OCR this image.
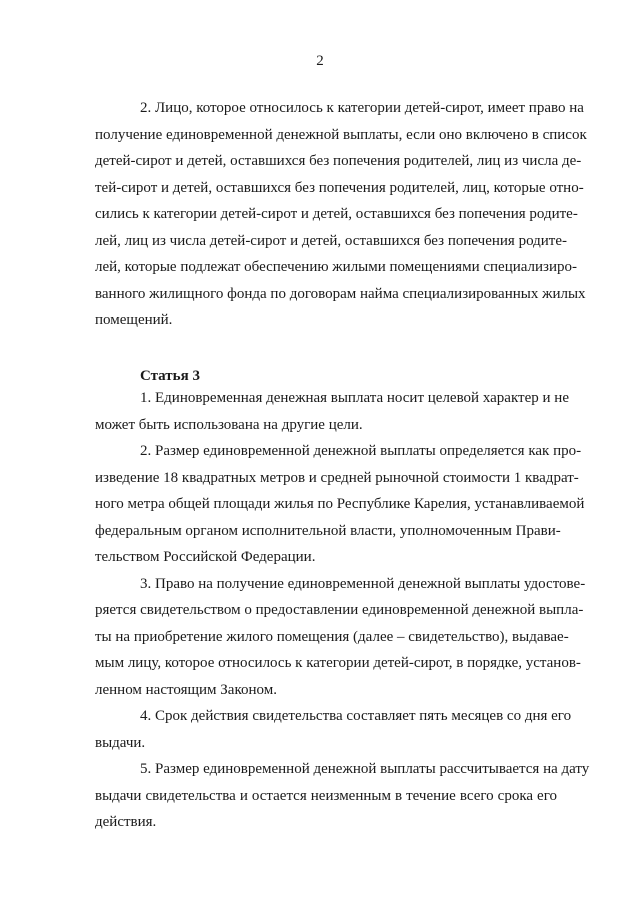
2
2. Лицо, которое относилось к категории детей-сирот, имеет право на
получение единовременной денежной выплаты, если оно включено в список
детей-сирот и детей, оставшихся без попечения родителей, лиц из числа де-
тей-сирот и детей, оставшихся без попечения родителей, лиц, которые отно-
сились к категории детей-сирот и детей, оставшихся без попечения родите-
лей, лиц из числа детей-сирот и детей, оставшихся без попечения родите-
лей, которые подлежат обеспечению жилыми помещениями специализиро-
ванного жилищного фонда по договорам найма специализированных жилых
помещений.
Статья 3
1. Единовременная денежная выплата носит целевой характер и не
может быть использована на другие цели.
2. Размер единовременной денежной выплаты определяется как про-
изведение 18 квадратных метров и средней рыночной стоимости 1 квадрат-
ного метра общей площади жилья по Республике Карелия, устанавливаемой
федеральным органом исполнительной власти, уполномоченным Прави-
тельством Российской Федерации.
3. Право на получение единовременной денежной выплаты удостове-
ряется свидетельством о предоставлении единовременной денежной выпла-
ты на приобретение жилого помещения (далее – свидетельство), выдавае-
мым лицу, которое относилось к категории детей-сирот, в порядке, установ-
ленном настоящим Законом.
4. Срок действия свидетельства составляет пять месяцев со дня его
выдачи.
5. Размер единовременной денежной выплаты рассчитывается на дату
выдачи свидетельства и остается неизменным в течение всего срока его
действия.
